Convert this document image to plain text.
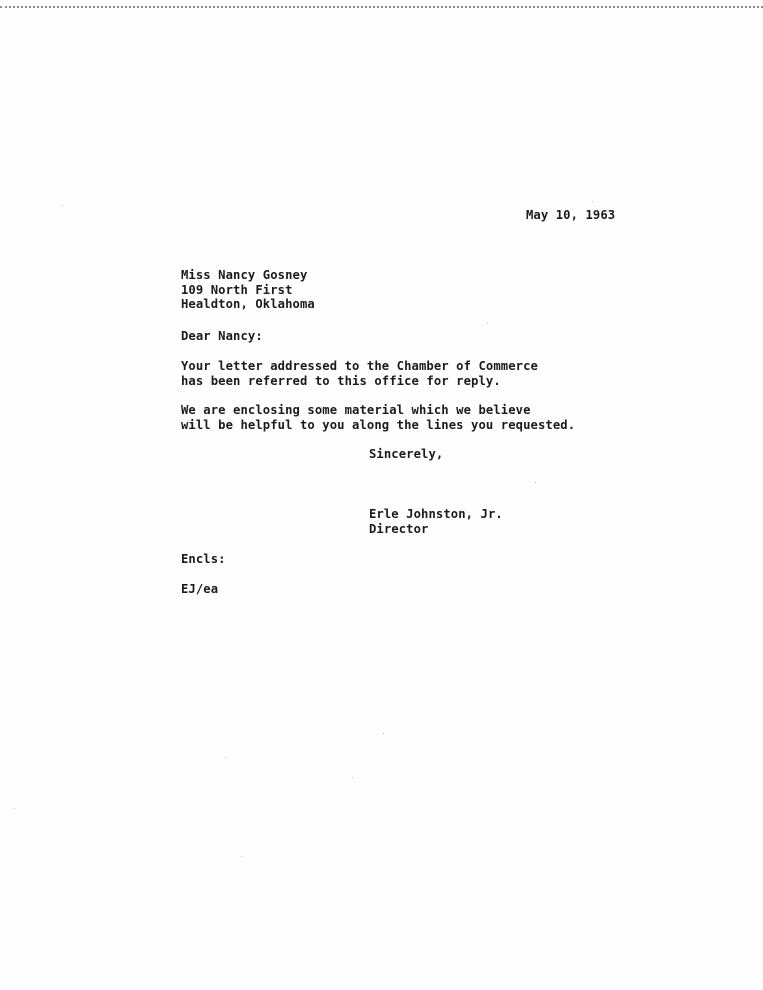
May 10, 1963
Miss Nancy Gosney
109 North First
Healdton, Oklahoma
Dear Nancy:
Your letter addressed to the Chamber of Commerce
has been referred to this office for reply.
We are enclosing some material which we believe
will be helpful to you along the lines you requested.
Sincerely,
Erle Johnston, Jr.
Director
Encls:
EJ/ea
